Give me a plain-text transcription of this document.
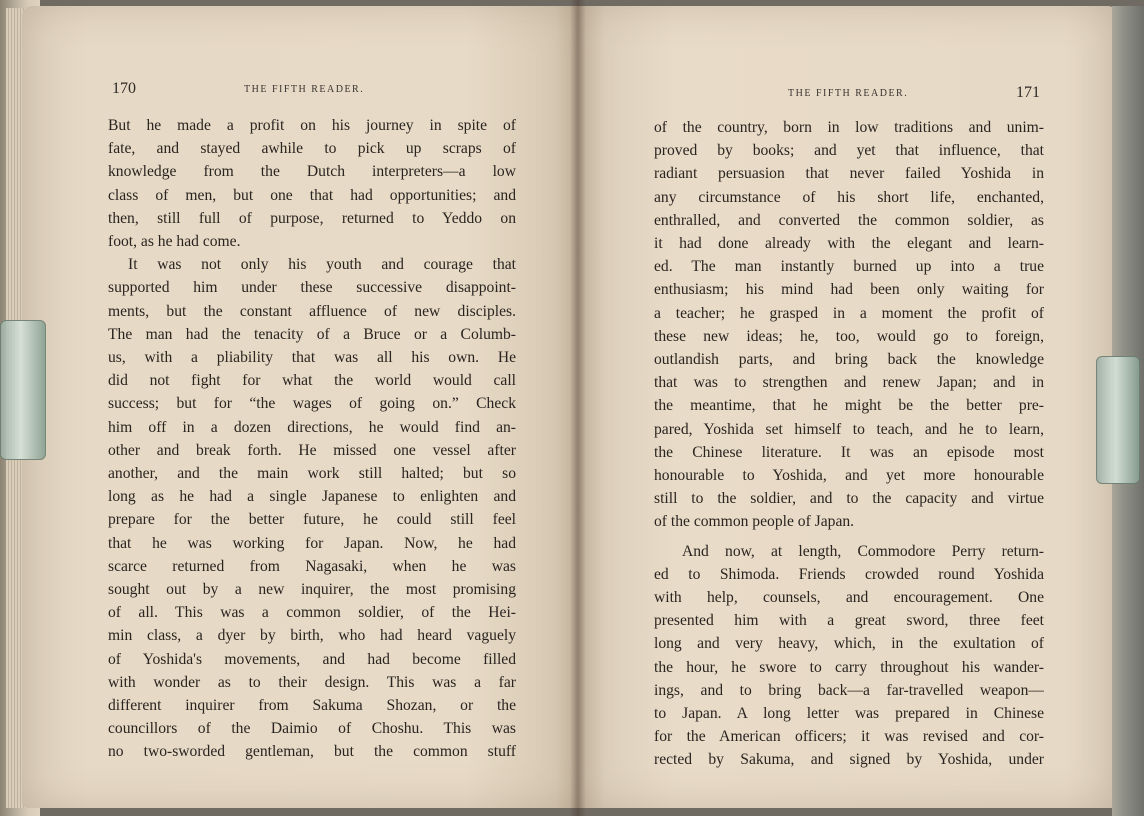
170	THE FIFTH READER.	THE FIFTH READER.	171
But he made a profit on his journey in spite of
fate, and stayed awhile to pick up scraps of
knowledge from the Dutch interpreters—a low
class of men, but one that had opportunities; and
then, still full of purpose, returned to Yeddo on
foot, as he had come.
It was not only his youth and courage that
supported him under these successive disappoint-
ments, but the constant affluence of new disciples.
The man had the tenacity of a Bruce or a Columb-
us, with a pliability that was all his own. He
did not fight for what the world would call
success; but for “the wages of going on.” Check
him off in a dozen directions, he would find an-
other and break forth. He missed one vessel after
another, and the main work still halted; but so
long as he had a single Japanese to enlighten and
prepare for the better future, he could still feel
that he was working for Japan. Now, he had
scarce returned from Nagasaki, when he was
sought out by a new inquirer, the most promising
of all. This was a common soldier, of the Hei-
min class, a dyer by birth, who had heard vaguely
of Yoshida's movements, and had become filled
with wonder as to their design. This was a far
different inquirer from Sakuma Shozan, or the
councillors of the Daimio of Choshu. This was
no two-sworded gentleman, but the common stuff
of the country, born in low traditions and unim-
proved by books; and yet that influence, that
radiant persuasion that never failed Yoshida in
any circumstance of his short life, enchanted,
enthralled, and converted the common soldier, as
it had done already with the elegant and learn-
ed. The man instantly burned up into a true
enthusiasm; his mind had been only waiting for
a teacher; he grasped in a moment the profit of
these new ideas; he, too, would go to foreign,
outlandish parts, and bring back the knowledge
that was to strengthen and renew Japan; and in
the meantime, that he might be the better pre-
pared, Yoshida set himself to teach, and he to learn,
the Chinese literature. It was an episode most
honourable to Yoshida, and yet more honourable
still to the soldier, and to the capacity and virtue
of the common people of Japan.
And now, at length, Commodore Perry return-
ed to Shimoda. Friends crowded round Yoshida
with help, counsels, and encouragement. One
presented him with a great sword, three feet
long and very heavy, which, in the exultation of
the hour, he swore to carry throughout his wander-
ings, and to bring back—a far-travelled weapon—
to Japan. A long letter was prepared in Chinese
for the American officers; it was revised and cor-
rected by Sakuma, and signed by Yoshida, under
